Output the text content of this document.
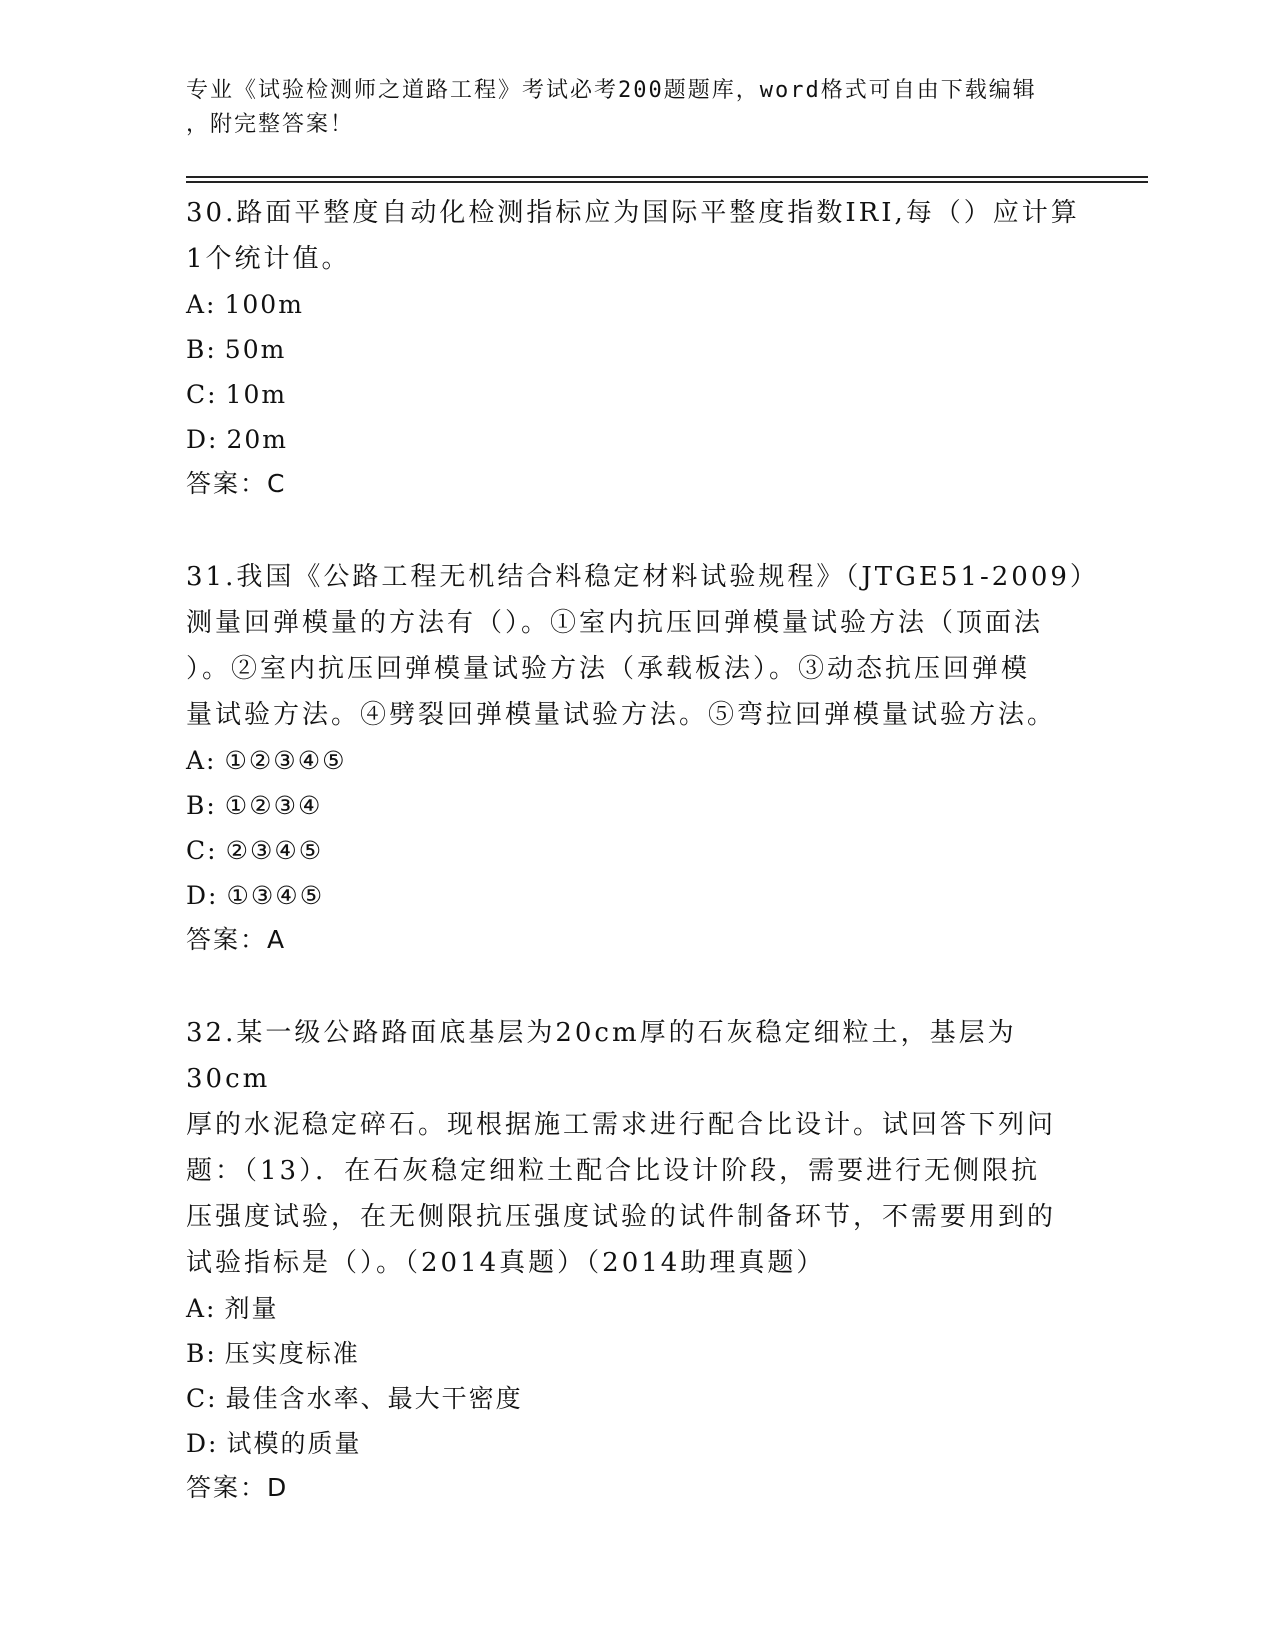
专业《试验检测师之道路工程》考试必考200题题库，word格式可自由下载编辑
，附完整答案！

30.路面平整度自动化检测指标应为国际平整度指数IRI,每（）应计算

1个统计值。

A: 100m

B: 50m

C: 10m

D: 20m

答案：C

31.我国《公路工程无机结合料稳定材料试验规程》（JTGE51-2009）

测量回弹模量的方法有（）。①室内抗压回弹模量试验方法（顶面法

）。②室内抗压回弹模量试验方法（承载板法）。③动态抗压回弹模

量试验方法。④劈裂回弹模量试验方法。⑤弯拉回弹模量试验方法。

A: ①②③④⑤

B: ①②③④

C: ②③④⑤

D: ①③④⑤

答案：A

32.某一级公路路面底基层为20cm厚的石灰稳定细粒土，基层为30cm

厚的水泥稳定碎石。现根据施工需求进行配合比设计。试回答下列问

题：（13）．在石灰稳定细粒土配合比设计阶段，需要进行无侧限抗

压强度试验，在无侧限抗压强度试验的试件制备环节，不需要用到的

试验指标是（）。（2014真题）（2014助理真题）

A: 剂量

B: 压实度标准

C: 最佳含水率、最大干密度

D: 试模的质量

答案：D
